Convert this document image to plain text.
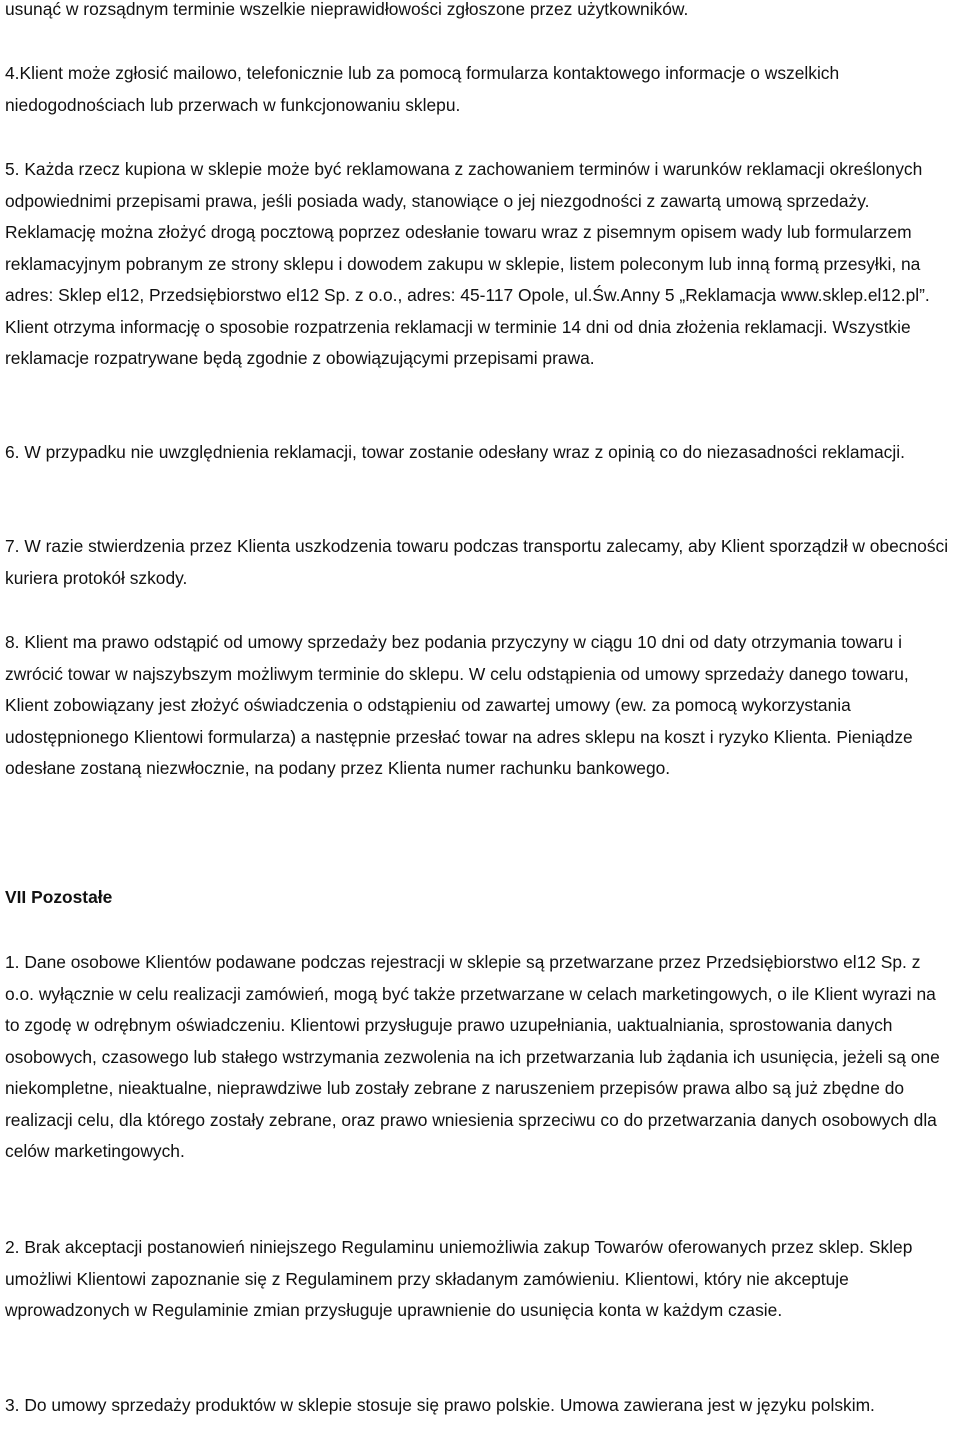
usunąć w rozsądnym terminie wszelkie nieprawidłowości zgłoszone przez użytkowników.

4.Klient może zgłosić mailowo, telefonicznie lub za pomocą formularza kontaktowego informacje o wszelkich niedogodnościach lub przerwach w funkcjonowaniu sklepu.

5. Każda rzecz kupiona w sklepie może być reklamowana z zachowaniem terminów i warunków reklamacji określonych odpowiednimi przepisami prawa, jeśli posiada wady, stanowiące o jej niezgodności z zawartą umową sprzedaży. Reklamację można złożyć drogą pocztową poprzez odesłanie towaru wraz z pisemnym opisem wady lub formularzem reklamacyjnym pobranym ze strony sklepu i dowodem zakupu w sklepie, listem poleconym lub inną formą przesyłki, na adres: Sklep el12, Przedsiębiorstwo el12 Sp. z o.o., adres: 45-117 Opole, ul.Św.Anny 5 „Reklamacja www.sklep.el12.pl”. Klient otrzyma informację o sposobie rozpatrzenia reklamacji w terminie 14 dni od dnia złożenia reklamacji. Wszystkie reklamacje rozpatrywane będą zgodnie z obowiązującymi przepisami prawa.

6. W przypadku nie uwzględnienia reklamacji, towar zostanie odesłany wraz z opinią co do niezasadności reklamacji.

7. W razie stwierdzenia przez Klienta uszkodzenia towaru podczas transportu zalecamy, aby Klient sporządził w obecności kuriera protokół szkody.

8. Klient ma prawo odstąpić od umowy sprzedaży bez podania przyczyny w ciągu 10 dni od daty otrzymania towaru i zwrócić towar w najszybszym możliwym terminie do sklepu. W celu odstąpienia od umowy sprzedaży danego towaru, Klient zobowiązany jest złożyć oświadczenia o odstąpieniu od zawartej umowy (ew. za pomocą wykorzystania udostępnionego Klientowi formularza) a następnie przesłać towar na adres sklepu na koszt i ryzyko Klienta. Pieniądze odesłane zostaną niezwłocznie, na podany przez Klienta numer rachunku bankowego.

VII Pozostałe

1. Dane osobowe Klientów podawane podczas rejestracji w sklepie są przetwarzane przez Przedsiębiorstwo el12 Sp. z o.o. wyłącznie w celu realizacji zamówień, mogą być także przetwarzane w celach marketingowych, o ile Klient wyrazi na to zgodę w odrębnym oświadczeniu. Klientowi przysługuje prawo uzupełniania, uaktualniania, sprostowania danych osobowych, czasowego lub stałego wstrzymania zezwolenia na ich przetwarzania lub żądania ich usunięcia, jeżeli są one niekompletne, nieaktualne, nieprawdziwe lub zostały zebrane z naruszeniem przepisów prawa albo są już zbędne do realizacji celu, dla którego zostały zebrane, oraz prawo wniesienia sprzeciwu co do przetwarzania danych osobowych dla celów marketingowych.

2. Brak akceptacji postanowień niniejszego Regulaminu uniemożliwia zakup Towarów oferowanych przez sklep. Sklep umożliwi Klientowi zapoznanie się z Regulaminem przy składanym zamówieniu. Klientowi, który nie akceptuje wprowadzonych w Regulaminie zmian przysługuje uprawnienie do usunięcia konta w każdym czasie.

3. Do umowy sprzedaży produktów w sklepie stosuje się prawo polskie. Umowa zawierana jest w języku polskim.
